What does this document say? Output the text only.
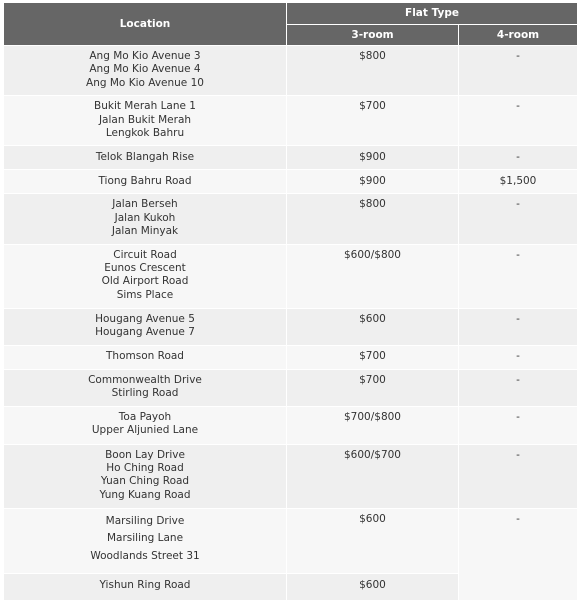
Location	Flat Type	
	3-room	4-room

Ang Mo Kio Avenue 3
Ang Mo Kio Avenue 4
Ang Mo Kio Avenue 10	$800	-

Bukit Merah Lane 1
Jalan Bukit Merah
Lengkok Bahru	$700	-

Telok Blangah Rise	$900	-

Tiong Bahru Road	$900	$1,500

Jalan Berseh
Jalan Kukoh
Jalan Minyak	$800	-

Circuit Road
Eunos Crescent
Old Airport Road
Sims Place	$600/$800	-

Hougang Avenue 5
Hougang Avenue 7	$600	-

Thomson Road	$700	-

Commonwealth Drive
Stirling Road	$700	-

Toa Payoh
Upper Aljunied Lane	$700/$800	-

Boon Lay Drive
Ho Ching Road
Yuan Ching Road
Yung Kuang Road	$600/$700	-

Marsiling Drive
Marsiling Lane
Woodlands Street 31	$600	-

Yishun Ring Road	$600	
